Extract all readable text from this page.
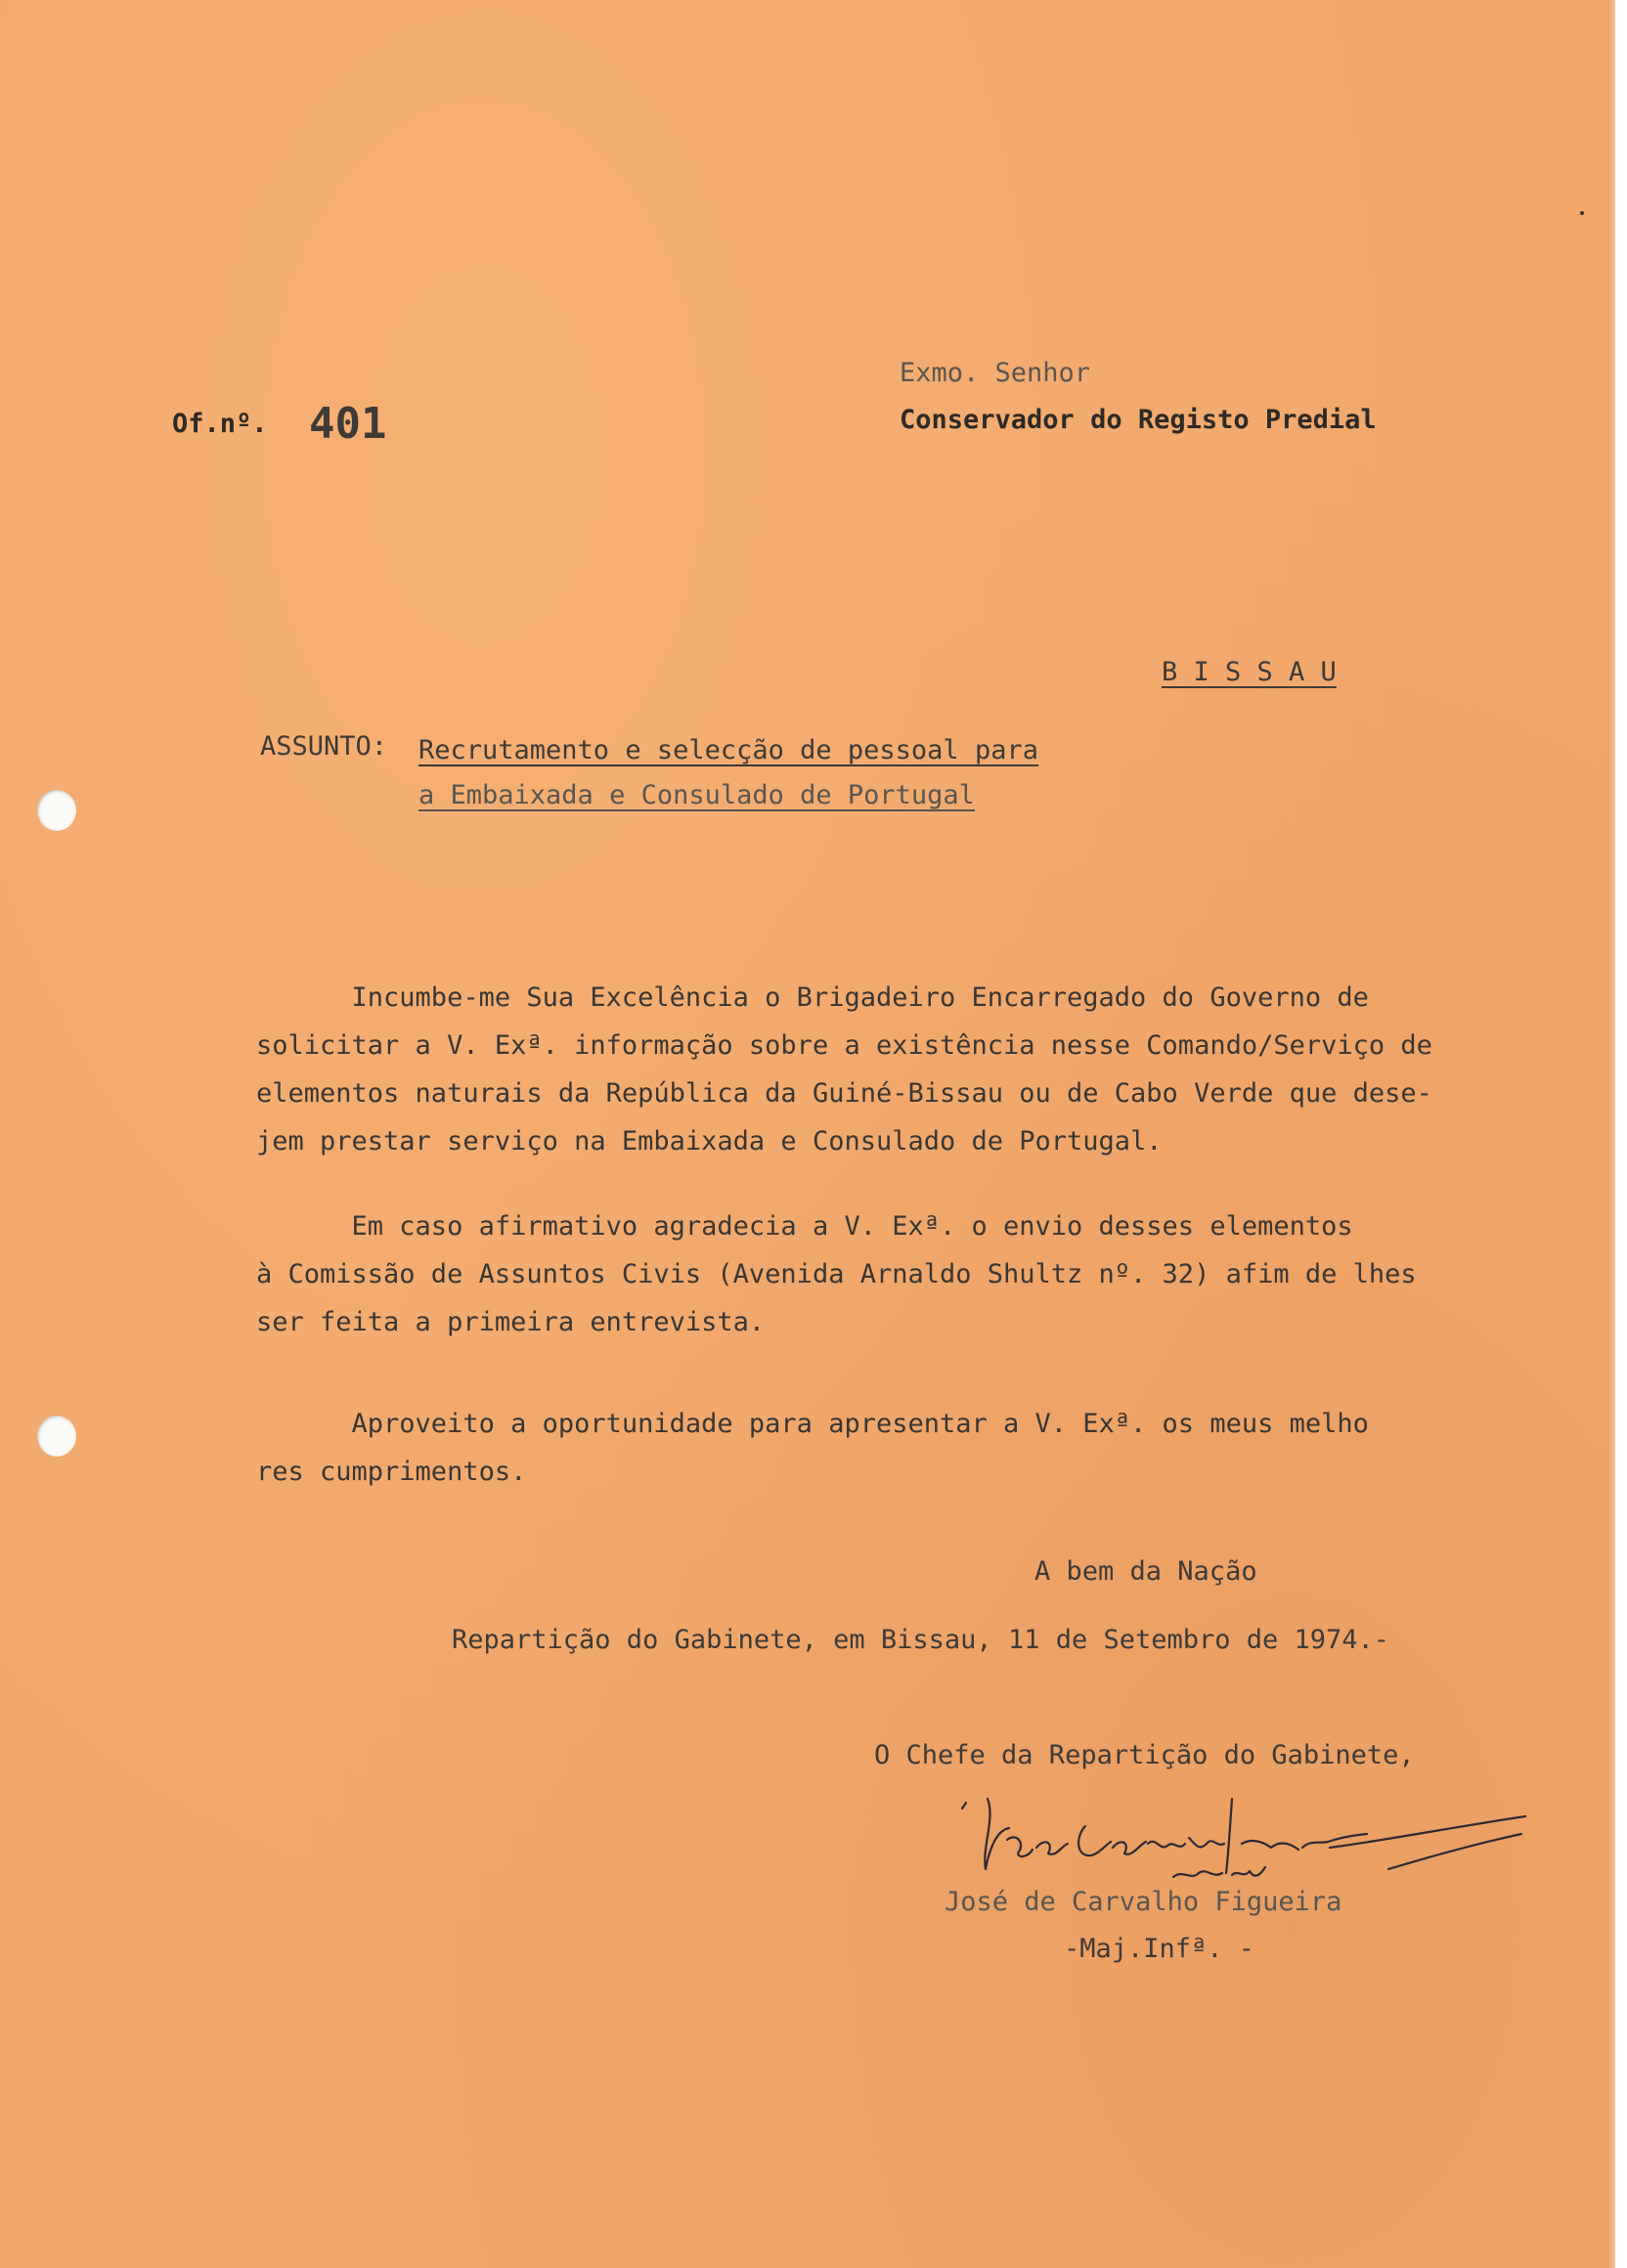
Of.nº. 401

Exmo. Senhor

Conservador do Registo Predial

B I S S A U

ASSUNTO: Recrutamento e selecção de pessoal para

a Embaixada e Consulado de Portugal

Incumbe-me Sua Excelência o Brigadeiro Encarregado do Governo de
solicitar a V. Exª. informação sobre a existência nesse Comando/Serviço de
elementos naturais da República da Guiné-Bissau ou de Cabo Verde que dese-
jem prestar serviço na Embaixada e Consulado de Portugal.
Em caso afirmativo agradecia a V. Exª. o envio desses elementos
à Comissão de Assuntos Civis (Avenida Arnaldo Shultz nº. 32) afim de lhes
ser feita a primeira entrevista.
Aproveito a oportunidade para apresentar a V. Exª. os meus melho
res cumprimentos.

A bem da Nação

Repartição do Gabinete, em Bissau, 11 de Setembro de 1974.-

O Chefe da Repartição do Gabinete,

José de Carvalho Figueira

-Maj.Infª. -
